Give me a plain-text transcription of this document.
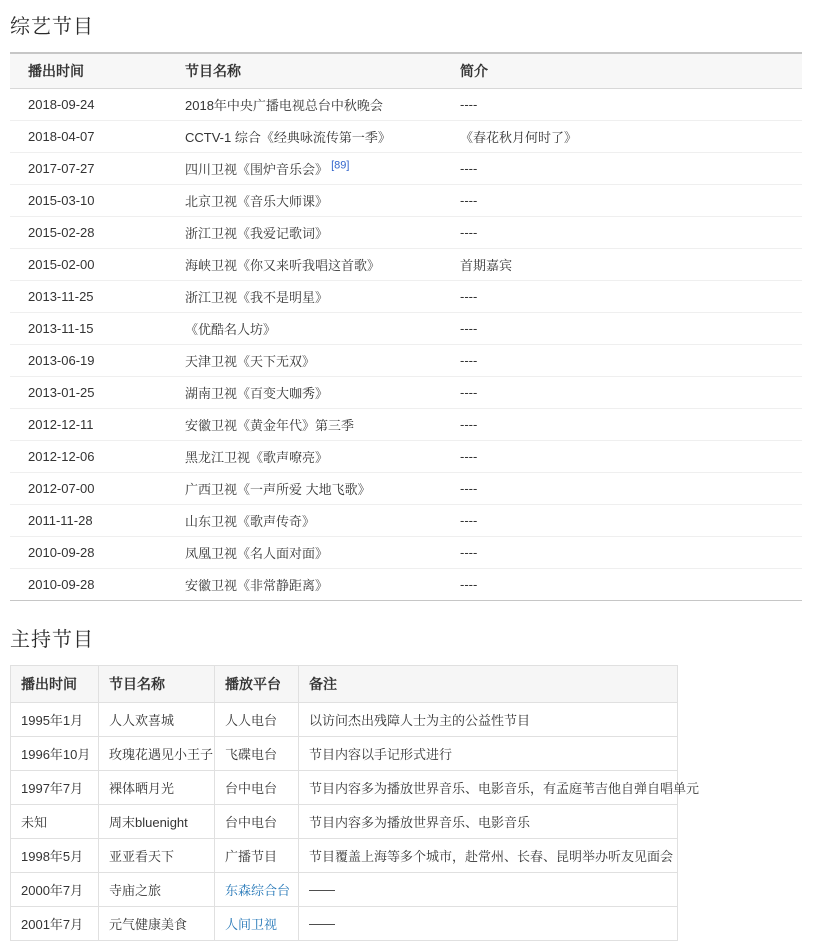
综艺节目
播出时间	节目名称	简介
2018-09-24	2018年中央广播电视总台中秋晚会	----
2018-04-07	CCTV-1 综合《经典咏流传第一季》	《春花秋月何时了》
2017-07-27	四川卫视《围炉音乐会》 [89]	----
2015-03-10	北京卫视《音乐大师课》	----
2015-02-28	浙江卫视《我爱记歌词》	----
2015-02-00	海峡卫视《你又来听我唱这首歌》	首期嘉宾
2013-11-25	浙江卫视《我不是明星》	----
2013-11-15	《优酷名人坊》	----
2013-06-19	天津卫视《天下无双》	----
2013-01-25	湖南卫视《百变大咖秀》	----
2012-12-11	安徽卫视《黄金年代》第三季	----
2012-12-06	黑龙江卫视《歌声嘹亮》	----
2012-07-00	广西卫视《一声所爱 大地飞歌》	----
2011-11-28	山东卫视《歌声传奇》	----
2010-09-28	凤凰卫视《名人面对面》	----
2010-09-28	安徽卫视《非常静距离》	----
主持节目
播出时间	节目名称	播放平台	备注
1995年1月	人人欢喜城	人人电台	以访问杰出残障人士为主的公益性节目
1996年10月	玫瑰花遇见小王子	飞碟电台	节目内容以手记形式进行
1997年7月	裸体晒月光	台中电台	节目内容多为播放世界音乐、电影音乐，有孟庭苇吉他自弹自唱单元
未知	周末bluenight	台中电台	节目内容多为播放世界音乐、电影音乐
1998年5月	亚亚看天下	广播节目	节目覆盖上海等多个城市，赴常州、长春、昆明举办听友见面会
2000年7月	寺庙之旅	东森综合台	——
2001年7月	元气健康美食	人间卫视	——
